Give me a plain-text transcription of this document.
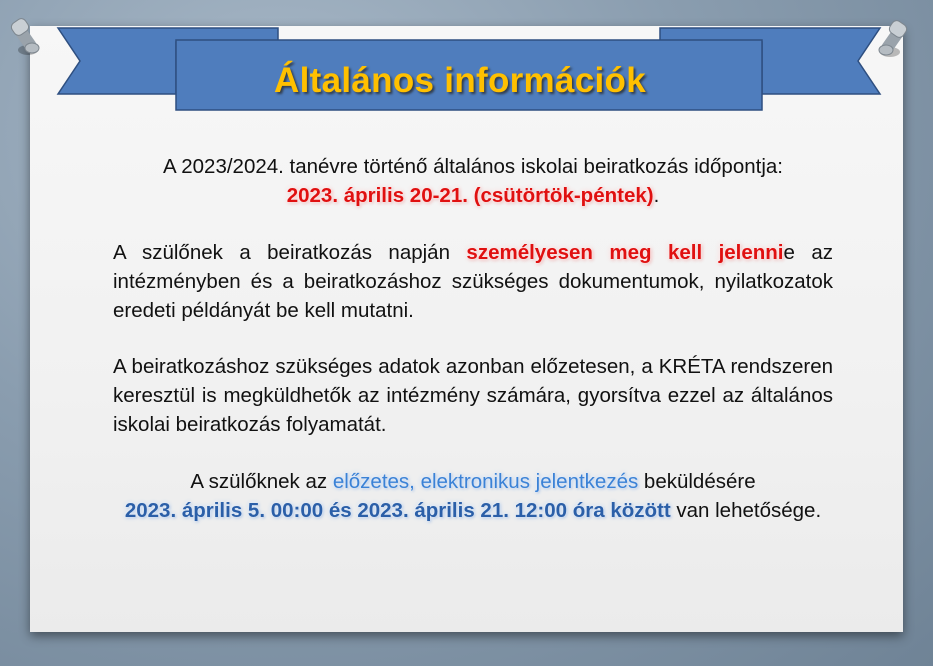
Általános információk
A 2023/2024. tanévre történő általános iskolai beiratkozás időpontja:
2023. április 20-21. (csütörtök-péntek).
A szülőnek a beiratkozás napján személyesen meg kell jelennie az intézményben és a beiratkozáshoz szükséges dokumentumok, nyilatkozatok eredeti példányát be kell mutatni.
A beiratkozáshoz szükséges adatok azonban előzetesen, a KRÉTA rendszeren keresztül is megküldhetők az intézmény számára, gyorsítva ezzel az általános iskolai beiratkozás folyamatát.
A szülőknek az előzetes, elektronikus jelentkezés beküldésére
2023. április 5. 00:00 és 2023. április 21. 12:00 óra között van lehetősége.
